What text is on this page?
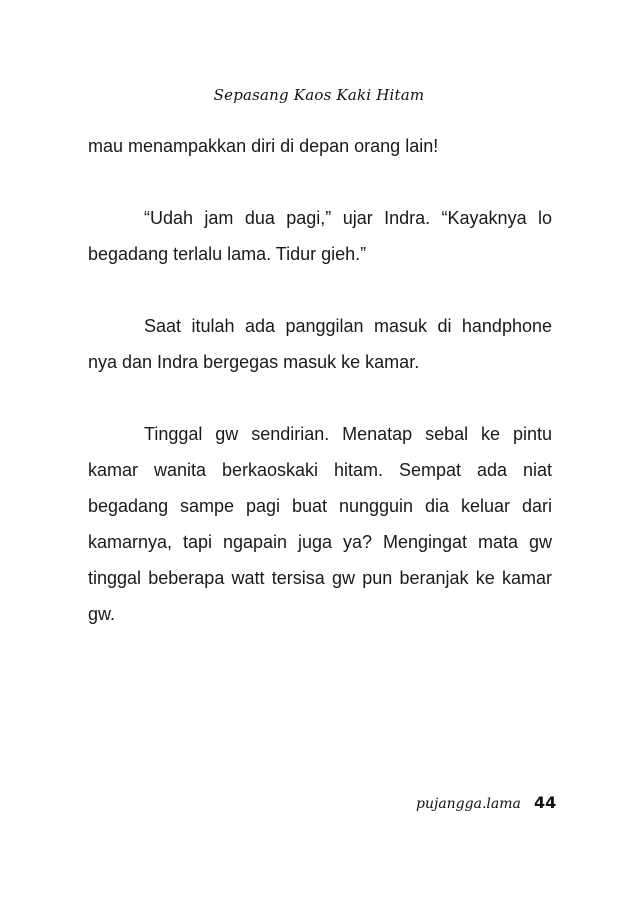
Sepasang Kaos Kaki Hitam

mau menampakkan diri di depan orang lain!

“Udah jam dua pagi,” ujar Indra. “Kayaknya lo begadang terlalu lama. Tidur gieh.”

Saat itulah ada panggilan masuk di handphone nya dan Indra bergegas masuk ke kamar.

Tinggal gw sendirian. Menatap sebal ke pintu kamar wanita berkaoskaki hitam. Sempat ada niat begadang sampe pagi buat nungguin dia keluar dari kamarnya, tapi ngapain juga ya? Mengingat mata gw tinggal beberapa watt tersisa gw pun beranjak ke kamar gw.

pujangga.lama 44
